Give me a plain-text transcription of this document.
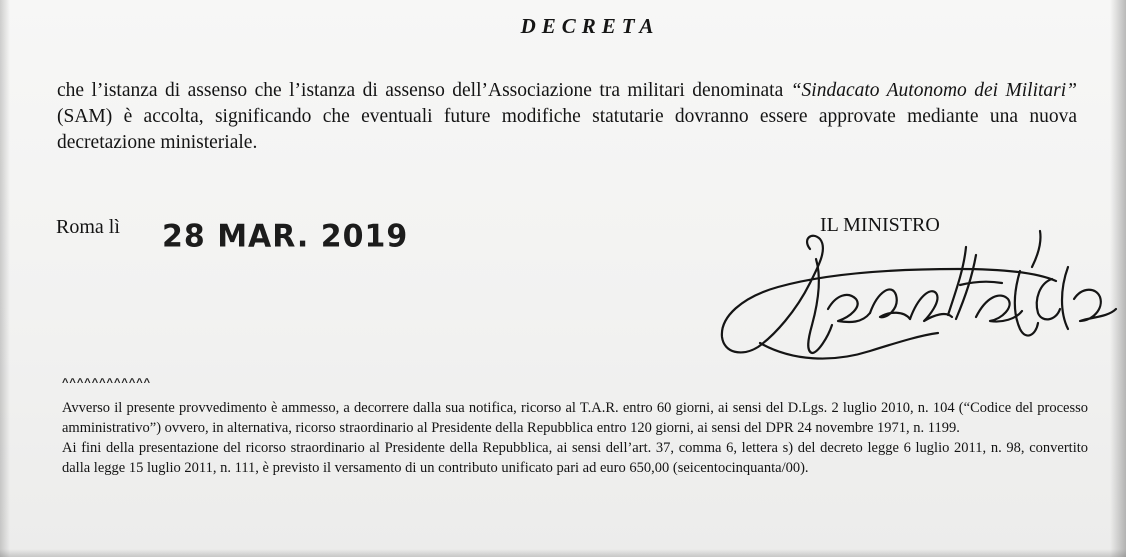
DECRETA
che l’istanza di assenso che l’istanza di assenso dell’Associazione tra militari denominata “Sindacato Autonomo dei Militari” (SAM) è accolta, significando che eventuali future modifiche statutarie dovranno essere approvate mediante una nuova decretazione ministeriale.
Roma lì 28 MAR. 2019	IL MINISTRO
^^^^^^^^^^^^

Avverso il presente provvedimento è ammesso, a decorrere dalla sua notifica, ricorso al T.A.R. entro 60 giorni, ai sensi del D.Lgs. 2 luglio 2010, n. 104 (“Codice del processo amministrativo”) ovvero, in alternativa, ricorso straordinario al Presidente della Repubblica entro 120 giorni, ai sensi del DPR 24 novembre 1971, n. 1199.

Ai fini della presentazione del ricorso straordinario al Presidente della Repubblica, ai sensi dell’art. 37, comma 6, lettera s) del decreto legge 6 luglio 2011, n. 98, convertito dalla legge 15 luglio 2011, n. 111, è previsto il versamento di un contributo unificato pari ad euro 650,00 (seicentocinquanta/00).
